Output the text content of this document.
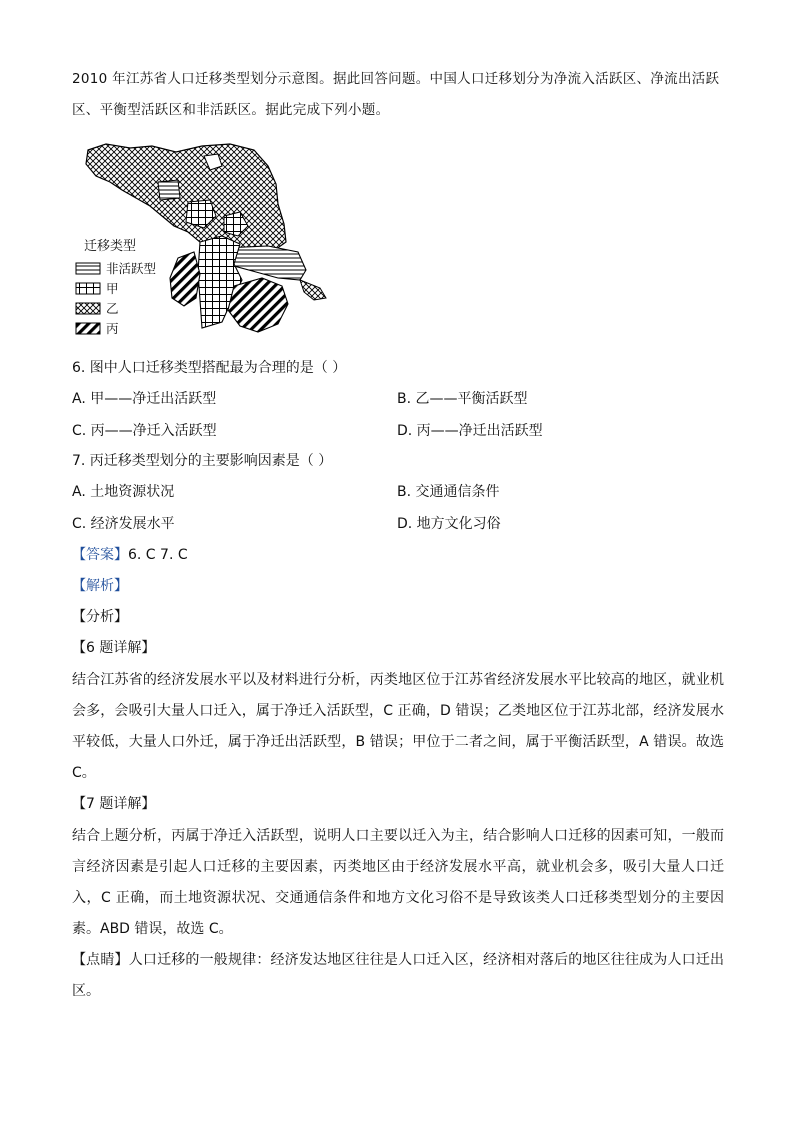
2010 年江苏省人口迁移类型划分示意图。据此回答问题。中国人口迁移划分为净流入活跃区、净流出活跃
区、平衡型活跃区和非活跃区。据此完成下列小题。
迁移类型
非活跃型
甲
乙
丙
6. 图中人口迁移类型搭配最为合理的是（ ）
A. 甲——净迁出活跃型	B. 乙——平衡活跃型
C. 丙——净迁入活跃型	D. 丙——净迁出活跃型
7. 丙迁移类型划分的主要影响因素是（ ）
A. 土地资源状况	B. 交通通信条件
C. 经济发展水平	D. 地方文化习俗
【答案】6. C 7. C
【解析】
【分析】
【6 题详解】
结合江苏省的经济发展水平以及材料进行分析，丙类地区位于江苏省经济发展水平比较高的地区，就业机会多，会吸引大量人口迁入，属于净迁入活跃型，C 正确，D 错误；乙类地区位于江苏北部，经济发展水平较低，大量人口外迁，属于净迁出活跃型，B 错误；甲位于二者之间，属于平衡活跃型，A 错误。故选 C。
【7 题详解】
结合上题分析，丙属于净迁入活跃型，说明人口主要以迁入为主，结合影响人口迁移的因素可知，一般而言经济因素是引起人口迁移的主要因素，丙类地区由于经济发展水平高，就业机会多，吸引大量人口迁入，C 正确，而土地资源状况、交通通信条件和地方文化习俗不是导致该类人口迁移类型划分的主要因素。ABD 错误，故选 C。
【点睛】人口迁移的一般规律：经济发达地区往往是人口迁入区，经济相对落后的地区往往成为人口迁出区。
